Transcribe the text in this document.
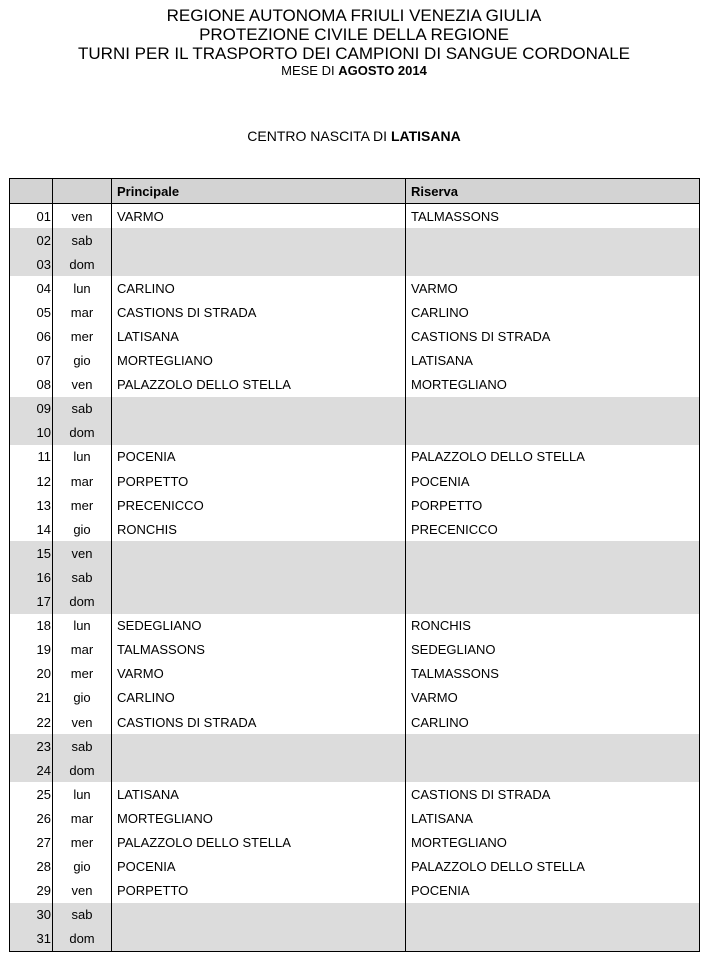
REGIONE AUTONOMA FRIULI VENEZIA GIULIA
PROTEZIONE CIVILE DELLA REGIONE
TURNI PER IL TRASPORTO DEI CAMPIONI DI SANGUE CORDONALE
MESE DI AGOSTO 2014
CENTRO NASCITA DI LATISANA
		Principale	Riserva
01	ven	VARMO	TALMASSONS
02	sab		
03	dom		
04	lun	CARLINO	VARMO
05	mar	CASTIONS DI STRADA	CARLINO
06	mer	LATISANA	CASTIONS DI STRADA
07	gio	MORTEGLIANO	LATISANA
08	ven	PALAZZOLO DELLO STELLA	MORTEGLIANO
09	sab		
10	dom		
11	lun	POCENIA	PALAZZOLO DELLO STELLA
12	mar	PORPETTO	POCENIA
13	mer	PRECENICCO	PORPETTO
14	gio	RONCHIS	PRECENICCO
15	ven		
16	sab		
17	dom		
18	lun	SEDEGLIANO	RONCHIS
19	mar	TALMASSONS	SEDEGLIANO
20	mer	VARMO	TALMASSONS
21	gio	CARLINO	VARMO
22	ven	CASTIONS DI STRADA	CARLINO
23	sab		
24	dom		
25	lun	LATISANA	CASTIONS DI STRADA
26	mar	MORTEGLIANO	LATISANA
27	mer	PALAZZOLO DELLO STELLA	MORTEGLIANO
28	gio	POCENIA	PALAZZOLO DELLO STELLA
29	ven	PORPETTO	POCENIA
30	sab		
31	dom		
